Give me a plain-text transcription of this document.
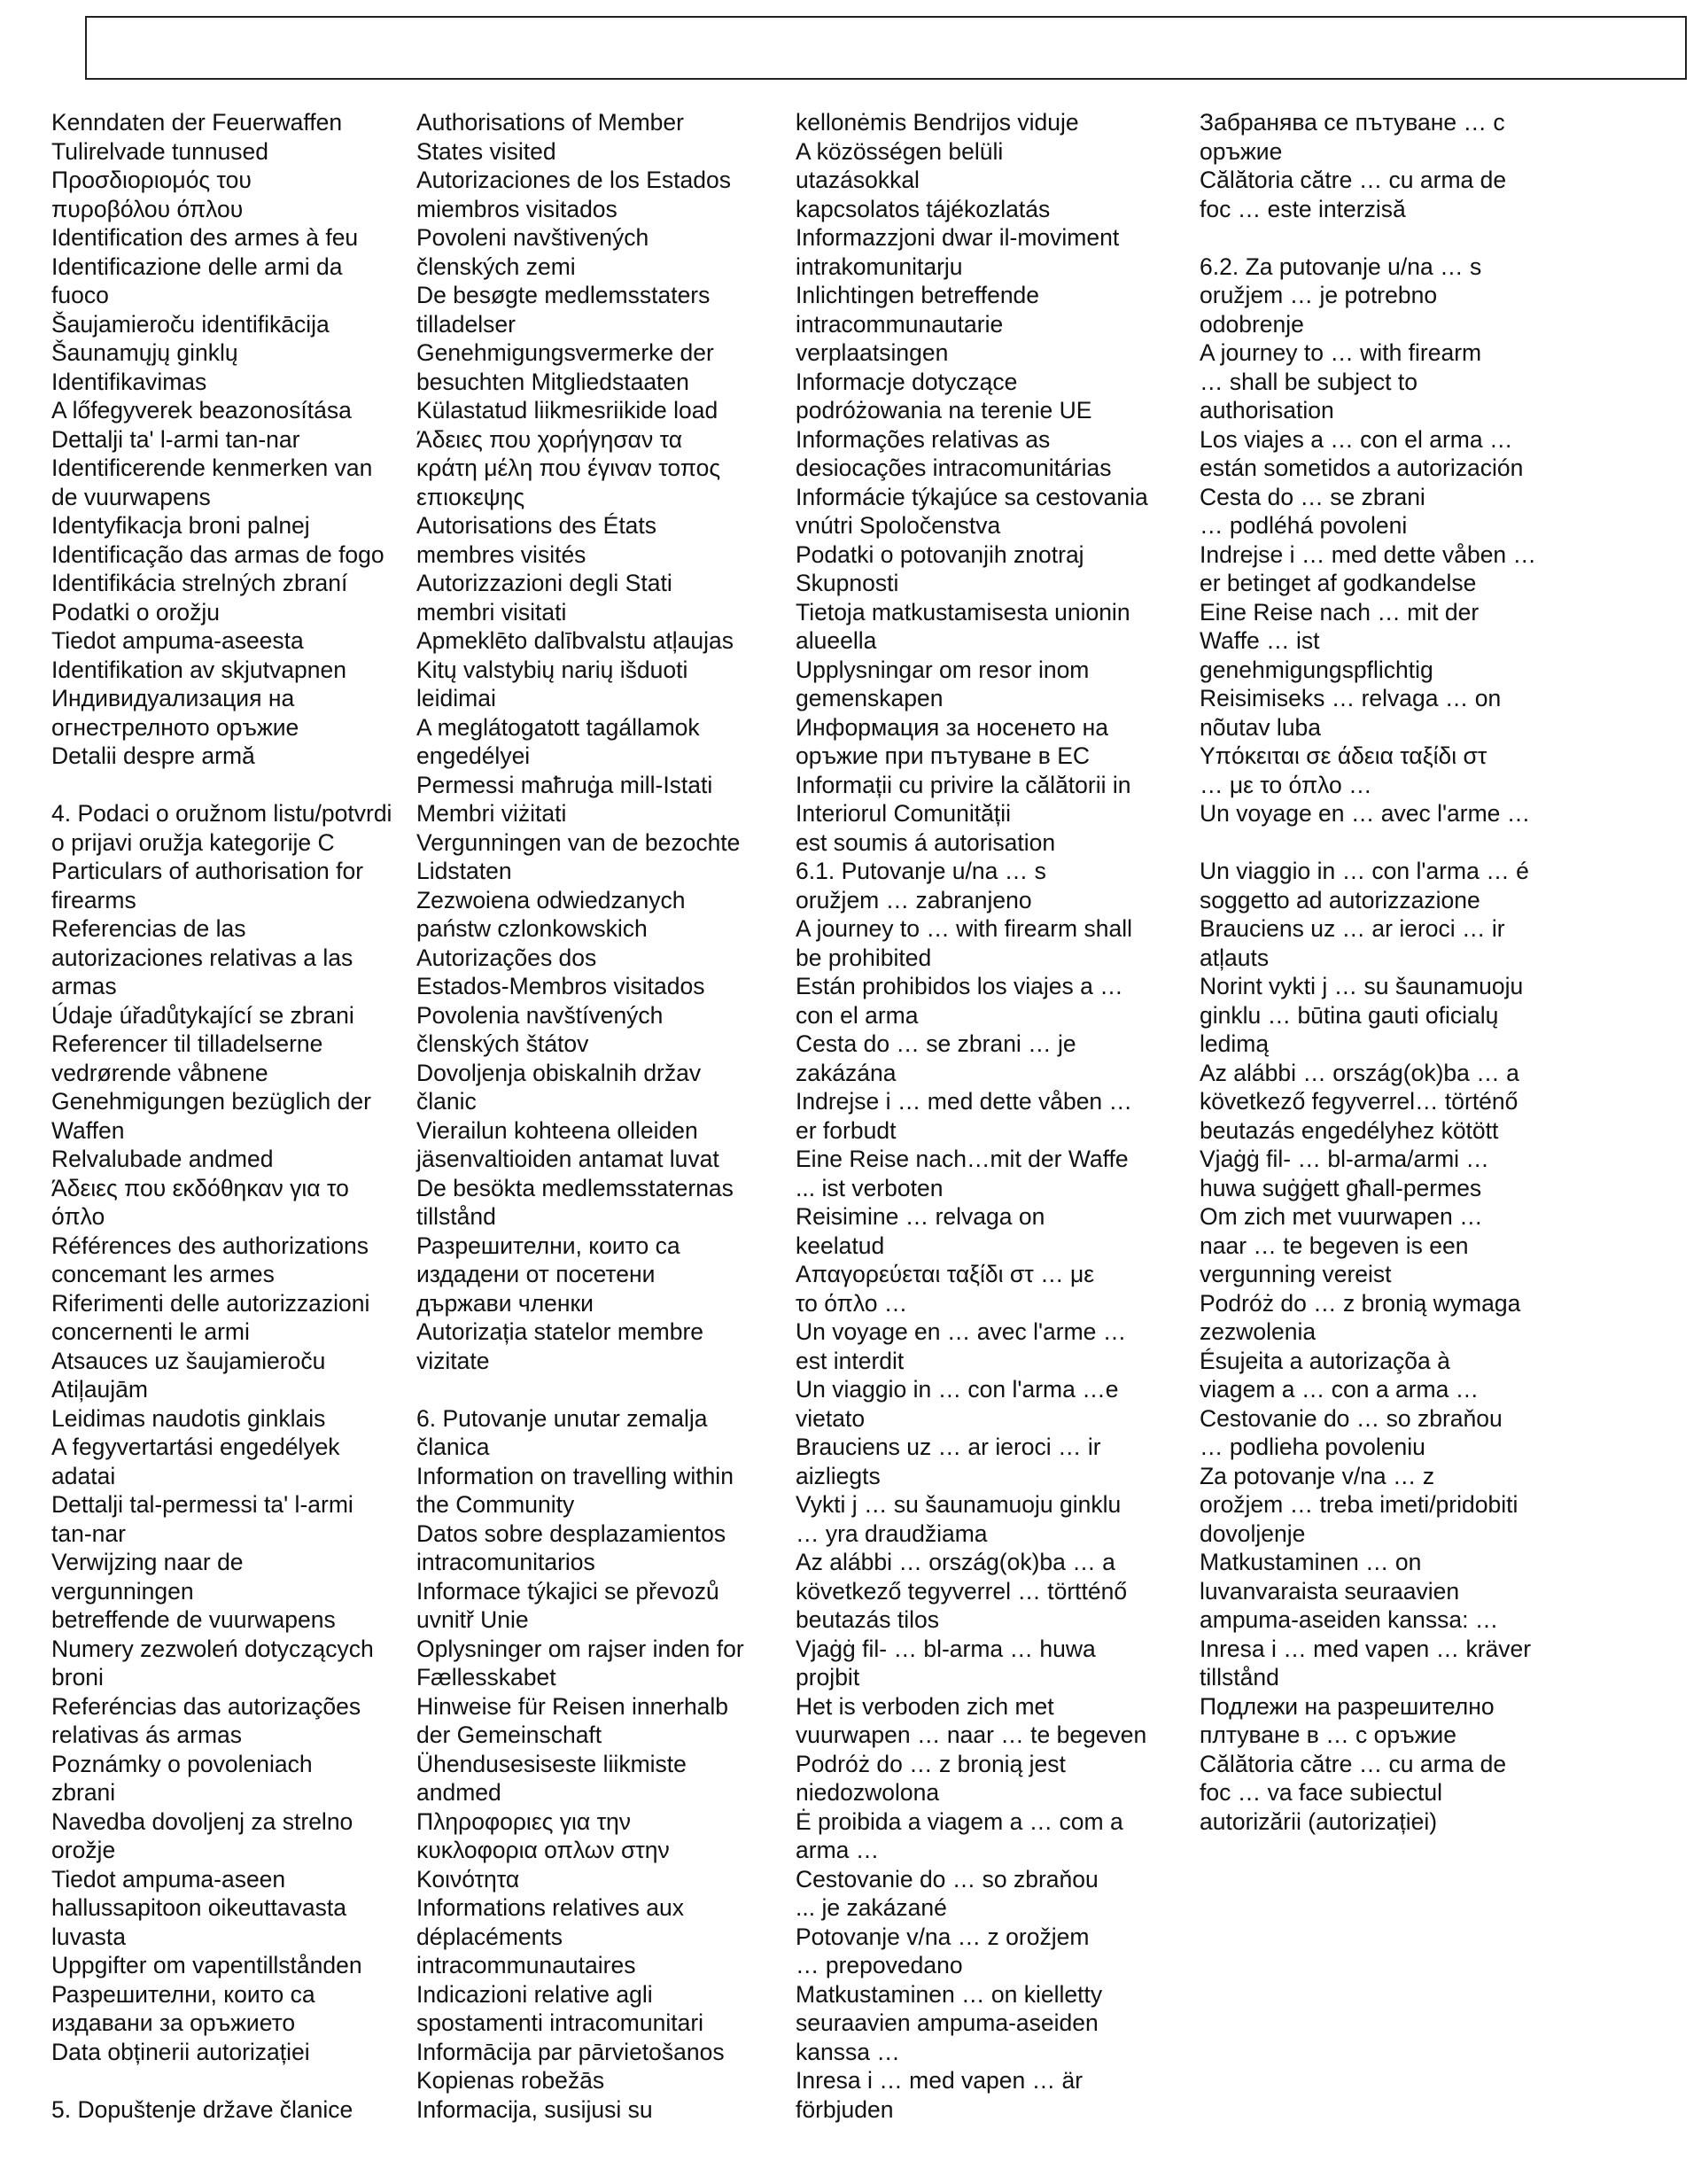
Kenndaten der Feuerwaffen
Tulirelvade tunnused
Προσδιοριομός του
πυροβόλου όπλου
Identification des armes à feu
Identificazione delle armi da
fuoco
Šaujamieroču identifikācija
Šaunamųjų ginklų
Identifikavimas
A lőfegyverek beazonosítása
Dettalji ta' l-armi tan-nar
Identificerende kenmerken van
de vuurwapens
Identyfikacja broni palnej
Identificação das armas de fogo
Identifikácia strelných zbraní
Podatki o orožju
Tiedot ampuma-aseesta
Identifikation av skjutvapnen
Индивидуализация на
огнестрелното оръжие
Detalii despre armă
4. Podaci o oružnom listu/potvrdi
o prijavi oružja kategorije C
Particulars of authorisation for
firearms
Referencias de las
autorizaciones relativas a las
armas
Údaje úřadůtykající se zbrani
Referencer til tilladelserne
vedrørende våbnene
Genehmigungen bezüglich der
Waffen
Relvalubade andmed
Άδειες που εκδόθηκαν για το
όπλο
Références des authorizations
concemant les armes
Riferimenti delle autorizzazioni
concernenti le armi
Atsauces uz šaujamieroču
Atiļaujām
Leidimas naudotis ginklais
A fegyvertartási engedélyek
adatai
Dettalji tal-permessi ta' l-armi
tan-nar
Verwijzing naar de
vergunningen
betreffende de vuurwapens
Numery zezwoleń dotyczących
broni
Referéncias das autorizações
relativas ás armas
Poznámky o povoleniach
zbrani
Navedba dovoljenj za strelno
orožje
Tiedot ampuma-aseen
hallussapitoon oikeuttavasta
luvasta
Uppgifter om vapentillstånden
Разрешителни, които са
издавани за оръжието
Data obținerii autorizației
5. Dopuštenje države članice
Authorisations of Member
States visited
Autorizaciones de los Estados
miembros visitados
Povoleni navštivených
členských zemi
De besøgte medlemsstaters
tilladelser
Genehmigungsvermerke der
besuchten Mitgliedstaaten
Külastatud liikmesriikide load
Άδειες που χορήγησαν τα
κράτη μέλη που έγιναν τοπος
επιοκεψης
Autorisations des États
membres visités
Autorizzazioni degli Stati
membri visitati
Apmeklēto dalībvalstu atļaujas
Kitų valstybių narių išduoti
leidimai
A meglátogatott tagállamok
engedélyei
Permessi maħruġa mill-Istati
Membri viżitati
Vergunningen van de bezochte
Lidstaten
Zezwoiena odwiedzanych
państw czlonkowskich
Autorizações dos
Estados-Membros visitados
Povolenia navštívených
členských štátov
Dovoljenja obiskalnih držav
članic
Vierailun kohteena olleiden
jäsenvaltioiden antamat luvat
De besökta medlemsstaternas
tillstånd
Разрешителни, които са
издадени от посетени
държави членки
Autorizația statelor membre
vizitate
6. Putovanje unutar zemalja
članica
Information on travelling within
the Community
Datos sobre desplazamientos
intracomunitarios
Informace týkajici se převozů
uvnitř Unie
Oplysninger om rajser inden for
Fællesskabet
Hinweise für Reisen innerhalb
der Gemeinschaft
Ühendusesiseste liikmiste
andmed
Πληροφοριες για την
κυκλοφορια οπλων στην
Κοινότητα
Informations relatives aux
déplacéments
intracommunautaires
Indicazioni relative agli
spostamenti intracomunitari
Informācija par pārvietošanos
Kopienas robežās
Informacija, susijusi su
kellonėmis Bendrijos viduje
A közösségen belüli
utazásokkal
kapcsolatos tájékozlatás
Informazzjoni dwar il-moviment
intrakomunitarju
Inlichtingen betreffende
intracommunautarie
verplaatsingen
Informacje dotyczące
podróżowania na terenie UE
Informações relativas as
desiocações intracomunitárias
Informácie týkajúce sa cestovania
vnútri Spoločenstva
Podatki o potovanjih znotraj
Skupnosti
Tietoja matkustamisesta unionin
alueella
Upplysningar om resor inom
gemenskapen
Информация за носенето на
оръжие при пътуване в ЕС
Informații cu privire la călătorii in
Interiorul Comunității
est soumis á autorisation
6.1. Putovanje u/na … s
oružjem … zabranjeno
A journey to … with firearm shall
be prohibited
Están prohibidos los viajes a …
con el arma
Cesta do … se zbrani … je
zakázána
Indrejse i … med dette våben …
er forbudt
Eine Reise nach…mit der Waffe
... ist verboten
Reisimine … relvaga on
keelatud
Απαγορεύεται ταξίδι στ … με
το όπλο …
Un voyage en … avec l'arme …
est interdit
Un viaggio in … con l'arma …e
vietato
Brauciens uz … ar ieroci … ir
aizliegts
Vykti j … su šaunamuoju ginklu
… yra draudžiama
Az alábbi … ország(ok)ba … a
következő tegyverrel … törtténő
beutazás tilos
Vjaġġ fil- … bl-arma … huwa
projbit
Het is verboden zich met
vuurwapen … naar … te begeven
Podróż do … z bronią jest
niedozwolona
Ė proibida a viagem a … com a
arma …
Cestovanie do … so zbraňou
... je zakázané
Potovanje v/na … z orožjem
… prepovedano
Matkustaminen … on kielletty
seuraavien ampuma-aseiden
kanssa …
Inresa i … med vapen … är
förbjuden
Забранява се пътуване … с
оръжие
Călătoria către … cu arma de
foc … este interzisă
6.2. Za putovanje u/na … s
oružjem … je potrebno
odobrenje
A journey to … with firearm
… shall be subject to
authorisation
Los viajes a … con el arma …
están sometidos a autorización
Cesta do … se zbrani
… podléhá povoleni
Indrejse i … med dette våben …
er betinget af godkandelse
Eine Reise nach … mit der
Waffe … ist
genehmigungspflichtig
Reisimiseks … relvaga … on
nõutav luba
Υπόκειται σε άδεια ταξίδι στ
… με το όπλο …
Un voyage en … avec l'arme …
Un viaggio in … con l'arma … é
soggetto ad autorizzazione
Brauciens uz … ar ieroci … ir
atļauts
Norint vykti j … su šaunamuoju
ginklu … būtina gauti oficialų
ledimą
Az alábbi … ország(ok)ba … a
következő fegyverrel… történő
beutazás engedélyhez kötött
Vjaġġ fil- … bl-arma/armi …
huwa suġġett għall-permes
Om zich met vuurwapen …
naar … te begeven is een
vergunning vereist
Podróż do … z bronią wymaga
zezwolenia
Ésujeita a autorizaçõa à
viagem a … con a arma …
Cestovanie do … so zbraňou
… podlieha povoleniu
Za potovanje v/na … z
orožjem … treba imeti/pridobiti
dovoljenje
Matkustaminen … on
luvanvaraista seuraavien
ampuma-aseiden kanssa: …
Inresa i … med vapen … kräver
tillstånd
Подлежи на разрешително
плтуване в … с оръжие
Călătoria către … cu arma de
foc … va face subiectul
autorizării (autorizației)
